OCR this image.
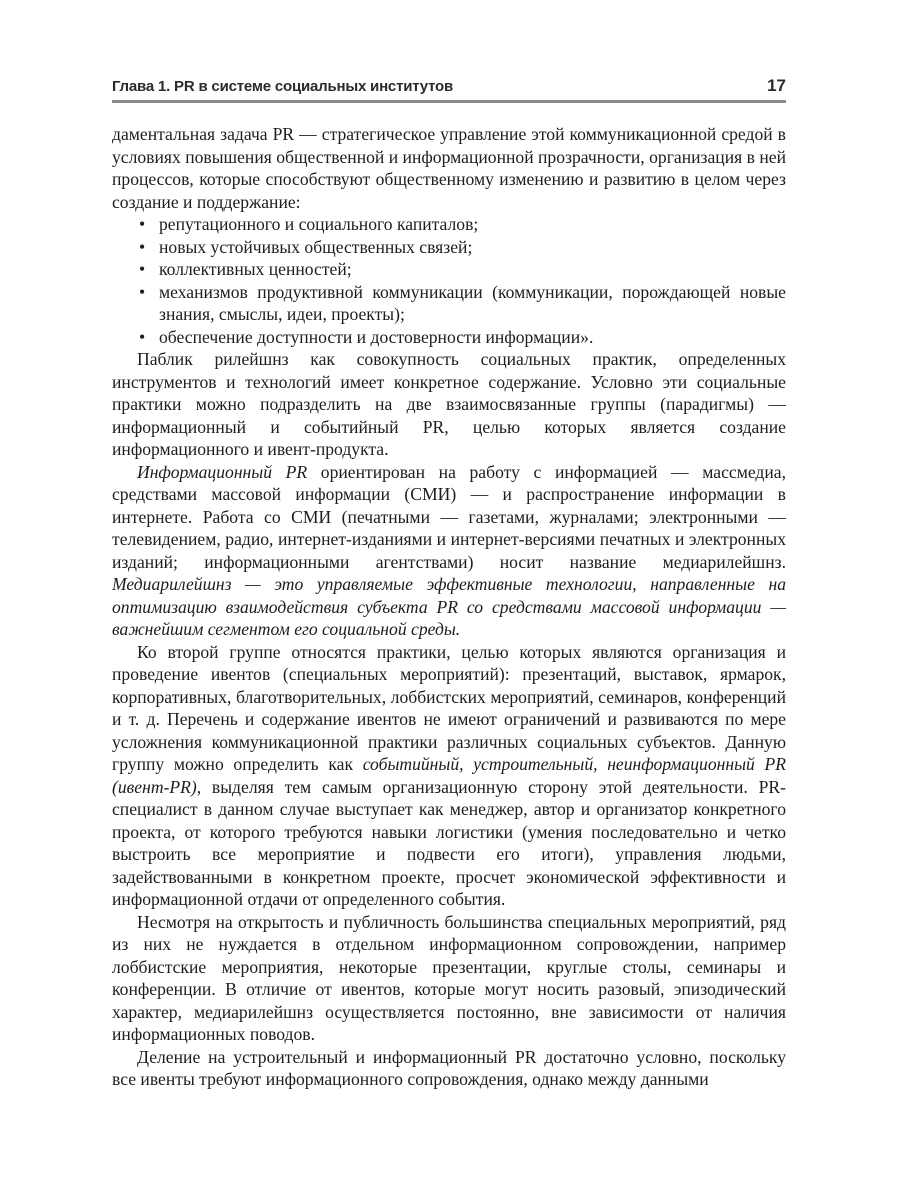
Глава 1. PR в системе социальных институтов	17

даментальная задача PR — стратегическое управление этой коммуникационной средой в условиях повышения общественной и информационной прозрачности, организация в ней процессов, которые способствуют общественному изменению и развитию в целом через создание и поддержание:

• репутационного и социального капиталов;
• новых устойчивых общественных связей;
• коллективных ценностей;
• механизмов продуктивной коммуникации (коммуникации, порождающей новые знания, смыслы, идеи, проекты);
• обеспечение доступности и достоверности информации».

Паблик рилейшнз как совокупность социальных практик, определенных инструментов и технологий имеет конкретное содержание. Условно эти социальные практики можно подразделить на две взаимосвязанные группы (парадигмы) — информационный и событийный PR, целью которых является создание информационного и ивент-продукта.

Информационный PR ориентирован на работу с информацией — массмедиа, средствами массовой информации (СМИ) — и распространение информации в интернете. Работа со СМИ (печатными — газетами, журналами; электронными — телевидением, радио, интернет-изданиями и интернет-версиями печатных и электронных изданий; информационными агентствами) носит название медиарилейшнз. Медиарилейшнз — это управляемые эффективные технологии, направленные на оптимизацию взаимодействия субъекта PR со средствами массовой информации — важнейшим сегментом его социальной среды.

Ко второй группе относятся практики, целью которых являются организация и проведение ивентов (специальных мероприятий): презентаций, выставок, ярмарок, корпоративных, благотворительных, лоббистских мероприятий, семинаров, конференций и т. д. Перечень и содержание ивентов не имеют ограничений и развиваются по мере усложнения коммуникационной практики различных социальных субъектов. Данную группу можно определить как событийный, устроительный, неинформационный PR (ивент-PR), выделяя тем самым организационную сторону этой деятельности. PR-специалист в данном случае выступает как менеджер, автор и организатор конкретного проекта, от которого требуются навыки логистики (умения последовательно и четко выстроить все мероприятие и подвести его итоги), управления людьми, задействованными в конкретном проекте, просчет экономической эффективности и информационной отдачи от определенного события.

Несмотря на открытость и публичность большинства специальных мероприятий, ряд из них не нуждается в отдельном информационном сопровождении, например лоббистские мероприятия, некоторые презентации, круглые столы, семинары и конференции. В отличие от ивентов, которые могут носить разовый, эпизодический характер, медиарилейшнз осуществляется постоянно, вне зависимости от наличия информационных поводов.

Деление на устроительный и информационный PR достаточно условно, поскольку все ивенты требуют информационного сопровождения, однако между данными
